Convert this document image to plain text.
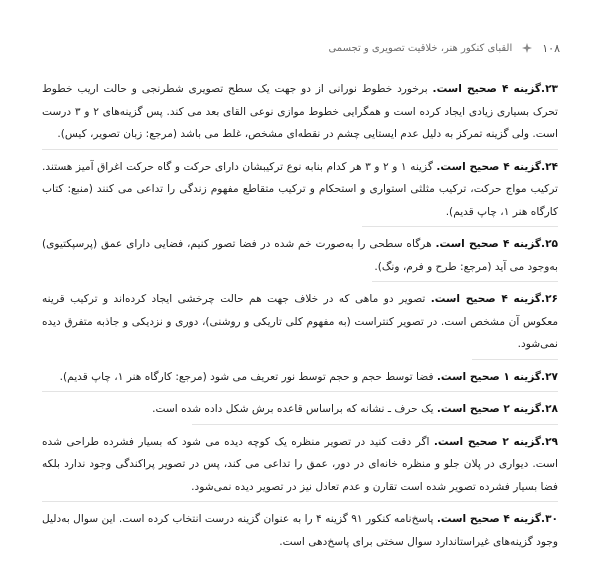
۱۰۸
القبای کنکور هنر، خلاقیت تصویری و تجسمی

۲۳.گزینه ۴ صحیح است. برخورد خطوط نورانی از دو جهت یک سطح تصویری شطرنجی و حالت اریب خطوط تحرک بسیاری زیادی ایجاد کرده است و همگرایی خطوط موازی نوعی القای بعد می کند. پس گزینه‌های ۲ و ۳ درست است. ولی گزینه تمرکز به دلیل عدم ایستایی چشم در نقطه‌ای مشخص، غلط می باشد (مرجع: زبان تصویر، کیس).

۲۴.گزینه ۴ صحیح است. گزینه ۱ و ۲ و ۳ هر کدام بنابه نوع ترکیبشان دارای حرکت و گاه حرکت اغراق آمیز هستند. ترکیب مواج حرکت، ترکیب مثلثی استواری و استحکام و ترکیب متقاطع مفهوم زندگی را تداعی می کنند (منبع: کتاب کارگاه هنر ۱، چاپ قدیم).

۲۵.گزینه ۴ صحیح است. هرگاه سطحی را به‌صورت خم شده در فضا تصور کنیم، فضایی دارای عمق (پرسپکتیوی) به‌وجود می آید (مرجع: طرح و فرم، ونگ).

۲۶.گزینه ۴ صحیح است. تصویر دو ماهی که در خلاف جهت هم حالت چرخشی ایجاد کرده‌اند و ترکیب قرینه معکوس آن مشخص است. در تصویر کنتراست (به مفهوم کلی تاریکی و روشنی)، دوری و نزدیکی و جاذبه متفرق دیده نمی‌شود.

۲۷.گزینه ۱ صحیح است. فضا توسط حجم و حجم توسط نور تعریف می شود (مرجع: کارگاه هنر ۱، چاپ قدیم).

۲۸.گزینه ۲ صحیح است. یک حرف ـ نشانه که براساس قاعده برش شکل داده شده است.

۲۹.گزینه ۲ صحیح است. اگر دقت کنید در تصویر منظره یک کوچه دیده می شود که بسیار فشرده طراحی شده است. دیواری در پلان جلو و منظره خانه‌ای در دور، عمق را تداعی می کند، پس در تصویر پراکندگی وجود ندارد بلکه فضا بسیار فشرده تصویر شده است تقارن و عدم تعادل نیز در تصویر دیده نمی‌شود.

۳۰.گزینه ۴ صحیح است. پاسخ‌نامه کنکور ۹۱ گزینه ۴ را به عنوان گزینه درست انتخاب کرده است. این سوال به‌دلیل وجود گزینه‌های غیراستاندارد سوال سختی برای پاسخ‌دهی است.
